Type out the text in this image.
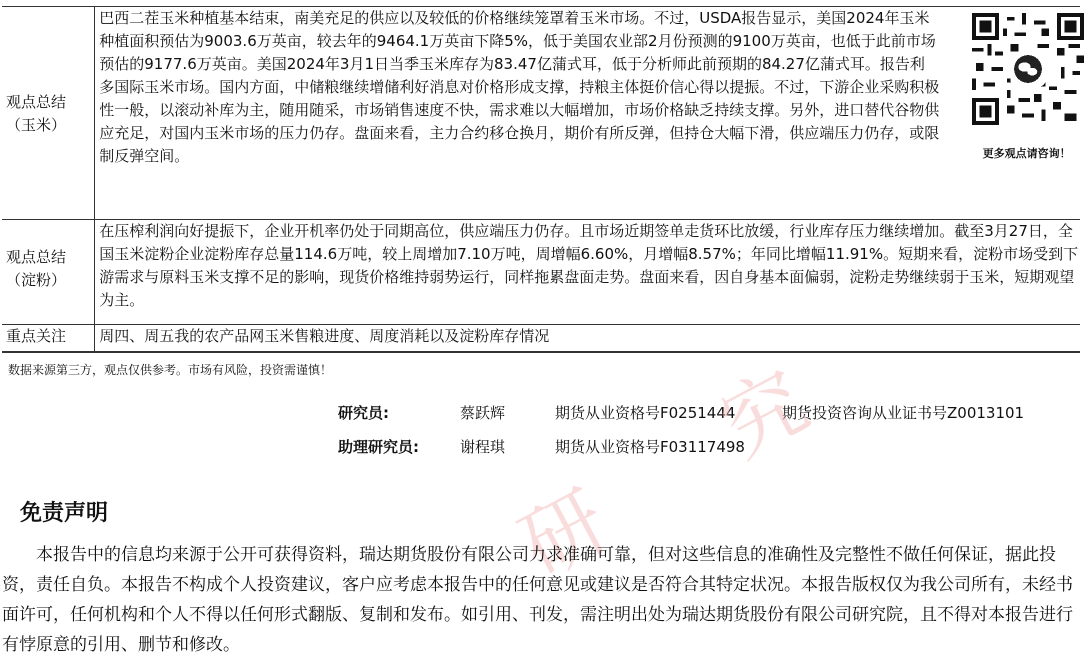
观点总结（玉米）	巴西二茬玉米种植基本结束，南美充足的供应以及较低的价格继续笼罩着玉米市场。不过，USDA报告显示，美国2024年玉米种植面积预估为9003.6万英亩，较去年的9464.1万英亩下降5%，低于美国农业部2月份预测的9100万英亩，也低于此前市场预估的9177.6万英亩。美国2024年3月1日当季玉米库存为83.47亿蒲式耳，低于分析师此前预期的84.27亿蒲式耳。报告利多国际玉米市场。国内方面，中储粮继续增储利好消息对价格形成支撑，持粮主体挺价信心得以提振。不过，下游企业采购积极性一般，以滚动补库为主，随用随采，市场销售速度不快，需求难以大幅增加，市场价格缺乏持续支撑。另外，进口替代谷物供应充足，对国内玉米市场的压力仍存。盘面来看，主力合约移仓换月，期价有所反弹，但持仓大幅下滑，供应端压力仍存，或限制反弹空间。	更多观点请咨询！

观点总结（淀粉）	在压榨利润向好提振下，企业开机率仍处于同期高位，供应端压力仍存。且市场近期签单走货环比放缓，行业库存压力继续增加。截至3月27日，全国玉米淀粉企业淀粉库存总量114.6万吨，较上周增加7.10万吨，周增幅6.60%，月增幅8.57%；年同比增幅11.91%。短期来看，淀粉市场受到下游需求与原料玉米支撑不足的影响，现货价格维持弱势运行，同样拖累盘面走势。盘面来看，因自身基本面偏弱，淀粉走势继续弱于玉米，短期观望为主。	

重点关注	周四、周五我的农产品网玉米售粮进度、周度消耗以及淀粉库存情况	
数据来源第三方，观点仅供参考。市场有风险，投资需谨慎！
研究员:	蔡跃辉	期货从业资格号F0251444	期货投资咨询从业证书号Z0013101
助理研究员:	谢程琪	期货从业资格号F03117498
研
究
免责声明
本报告中的信息均来源于公开可获得资料，瑞达期货股份有限公司力求准确可靠，但对这些信息的准确性及完整性不做任何保证，据此投资，责任自负。本报告不构成个人投资建议，客户应考虑本报告中的任何意见或建议是否符合其特定状况。本报告版权仅为我公司所有，未经书面许可，任何机构和个人不得以任何形式翻版、复制和发布。如引用、刊发，需注明出处为瑞达期货股份有限公司研究院，且不得对本报告进行有悖原意的引用、删节和修改。
